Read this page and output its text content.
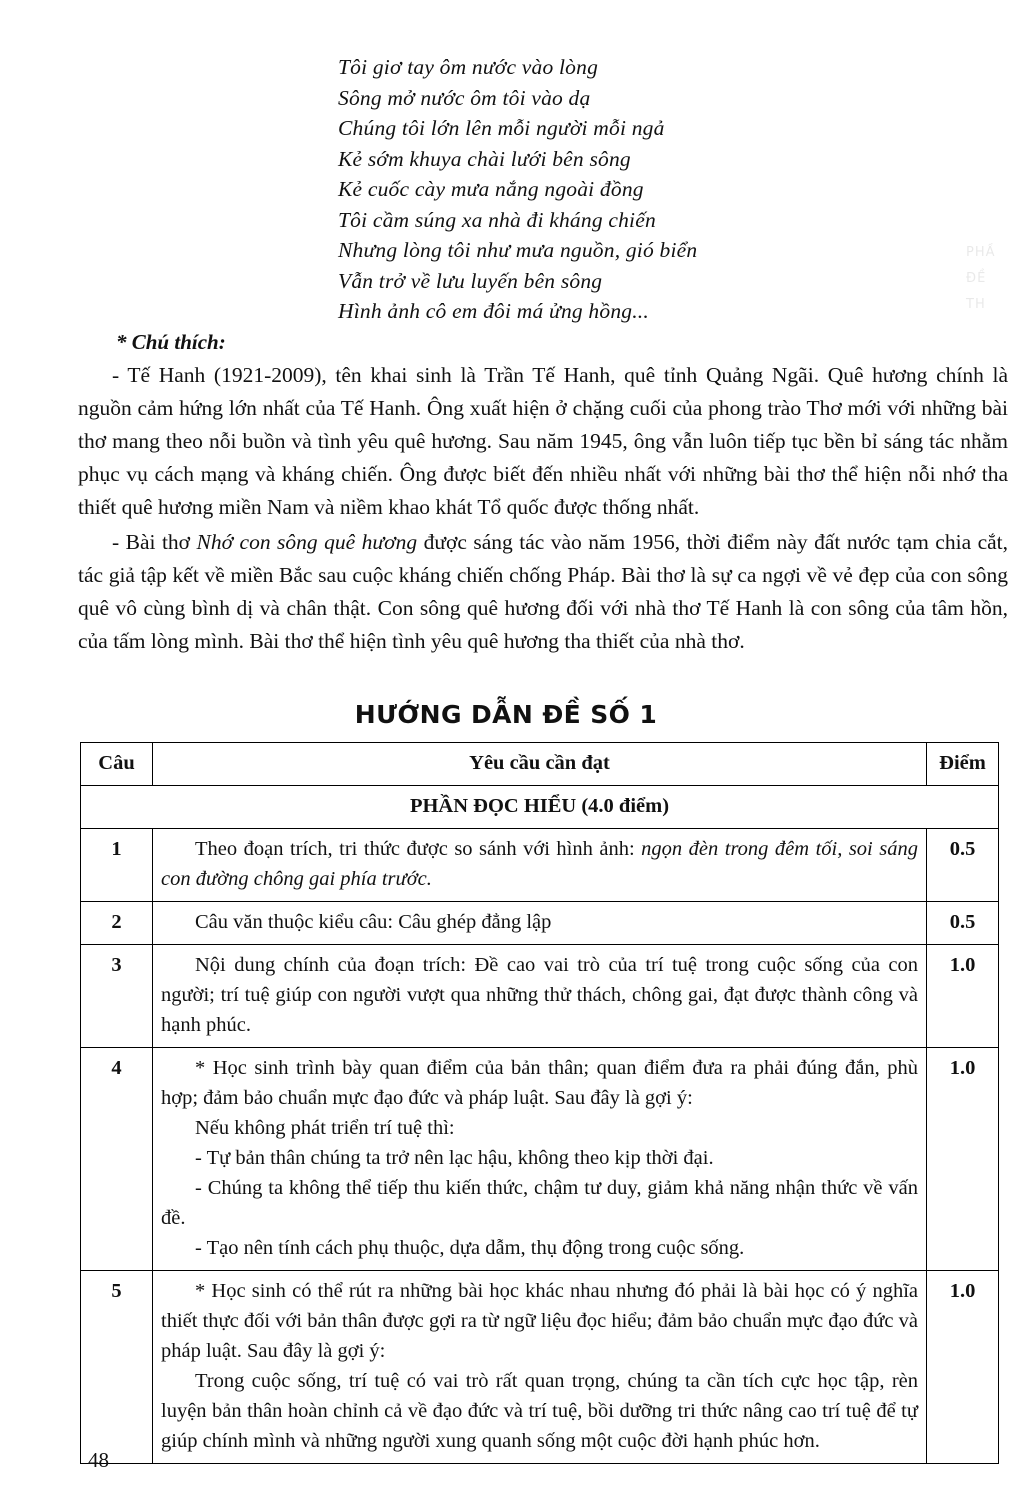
PHẦ
ĐỀ
TH
Tôi giơ tay ôm nước vào lòng
Sông mở nước ôm tôi vào dạ
Chúng tôi lớn lên mỗi người mỗi ngả
Kẻ sớm khuya chài lưới bên sông
Kẻ cuốc cày mưa nắng ngoài đồng
Tôi cầm súng xa nhà đi kháng chiến
Nhưng lòng tôi như mưa nguồn, gió biển
Vẫn trở về lưu luyến bên sông
Hình ảnh cô em đôi má ửng hồng...
* Chú thích:

- Tế Hanh (1921-2009), tên khai sinh là Trần Tế Hanh, quê tỉnh Quảng Ngãi. Quê hương chính là nguồn cảm hứng lớn nhất của Tế Hanh. Ông xuất hiện ở chặng cuối của phong trào Thơ mới với những bài thơ mang theo nỗi buồn và tình yêu quê hương. Sau năm 1945, ông vẫn luôn tiếp tục bền bỉ sáng tác nhằm phục vụ cách mạng và kháng chiến. Ông được biết đến nhiều nhất với những bài thơ thể hiện nỗi nhớ tha thiết quê hương miền Nam và niềm khao khát Tổ quốc được thống nhất.

- Bài thơ Nhớ con sông quê hương được sáng tác vào năm 1956, thời điểm này đất nước tạm chia cắt, tác giả tập kết về miền Bắc sau cuộc kháng chiến chống Pháp. Bài thơ là sự ca ngợi về vẻ đẹp của con sông quê vô cùng bình dị và chân thật. Con sông quê hương đối với nhà thơ Tế Hanh là con sông của tâm hồn, của tấm lòng mình. Bài thơ thể hiện tình yêu quê hương tha thiết của nhà thơ.

HƯỚNG DẪN ĐỀ SỐ 1
Câu	Yêu cầu cần đạt	Điểm
PHẦN ĐỌC HIỂU (4.0 điểm)		
1	Theo đoạn trích, tri thức được so sánh với hình ảnh: ngọn đèn trong đêm tối, soi sáng con đường chông gai phía trước.	0.5
2	Câu văn thuộc kiểu câu: Câu ghép đẳng lập	0.5
3	Nội dung chính của đoạn trích: Đề cao vai trò của trí tuệ trong cuộc sống của con người; trí tuệ giúp con người vượt qua những thử thách, chông gai, đạt được thành công và hạnh phúc.	1.0
4	* Học sinh trình bày quan điểm của bản thân; quan điểm đưa ra phải đúng đắn, phù hợp; đảm bảo chuẩn mực đạo đức và pháp luật. Sau đây là gợi ý:

Nếu không phát triển trí tuệ thì:

- Tự bản thân chúng ta trở nên lạc hậu, không theo kịp thời đại.

- Chúng ta không thể tiếp thu kiến thức, chậm tư duy, giảm khả năng nhận thức về vấn đề.

- Tạo nên tính cách phụ thuộc, dựa dẫm, thụ động trong cuộc sống.	1.0
5	* Học sinh có thể rút ra những bài học khác nhau nhưng đó phải là bài học có ý nghĩa thiết thực đối với bản thân được gợi ra từ ngữ liệu đọc hiểu; đảm bảo chuẩn mực đạo đức và pháp luật. Sau đây là gợi ý:

Trong cuộc sống, trí tuệ có vai trò rất quan trọng, chúng ta cần tích cực học tập, rèn luyện bản thân hoàn chỉnh cả về đạo đức và trí tuệ, bồi dưỡng tri thức nâng cao trí tuệ để tự giúp chính mình và những người xung quanh sống một cuộc đời hạnh phúc hơn.	1.0
48
